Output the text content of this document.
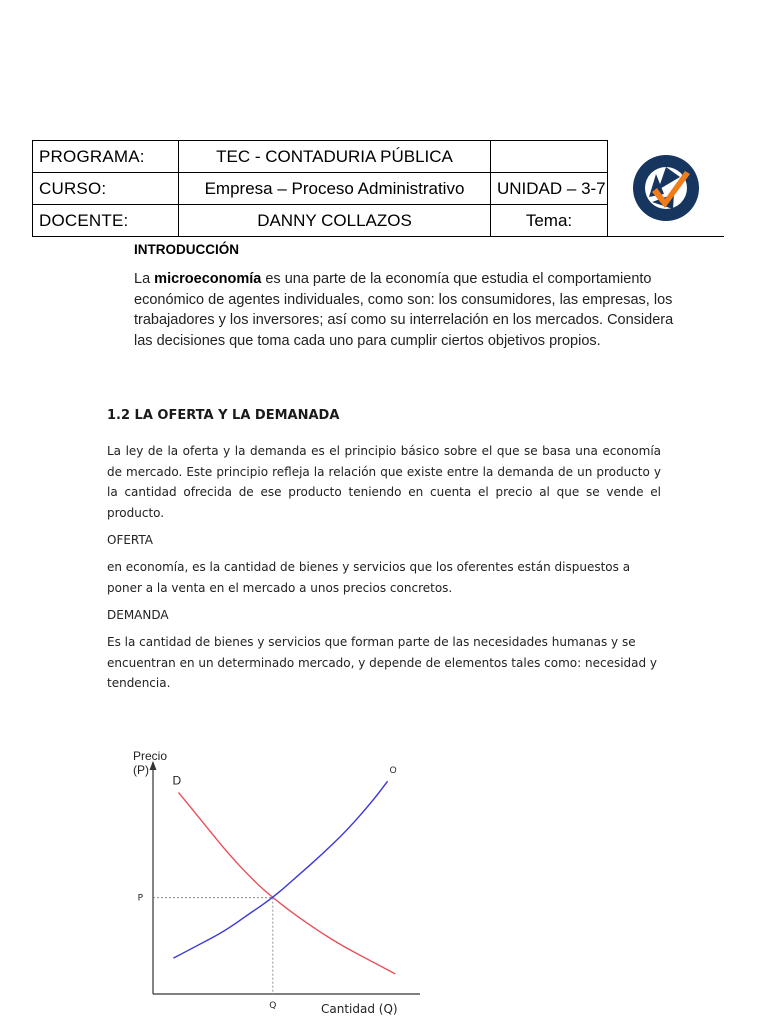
PROGRAMA:	TEC - CONTADURIA PÚBLICA		

CURSO:	Empresa – Proceso Administrativo	UNIDAD – 3-7	
DOCENTE:	DANNY COLLAZOS	Tema:	

INTRODUCCIÓN

La microeconomía es una parte de la economía que estudia el comportamiento económico de agentes individuales, como son: los consumidores, las empresas, los trabajadores y los inversores; así como su interrelación en los mercados. Considera las decisiones que toma cada uno para cumplir ciertos objetivos propios.

1.2 LA OFERTA Y LA DEMANADA

La ley de la oferta y la demanda es el principio básico sobre el que se basa una economía de mercado. Este principio refleja la relación que existe entre la demanda de un producto y la cantidad ofrecida de ese producto teniendo en cuenta el precio al que se vende el producto.

OFERTA

en economía, es la cantidad de bienes y servicios que los oferentes están dispuestos a poner a la venta en el mercado a unos precios concretos.

DEMANDA

Es la cantidad de bienes y servicios que forman parte de las necesidades humanas y se encuentran en un determinado mercado, y depende de elementos tales como: necesidad y tendencia.

P
Q
D
O
Precio
(P)
Cantidad (Q)
